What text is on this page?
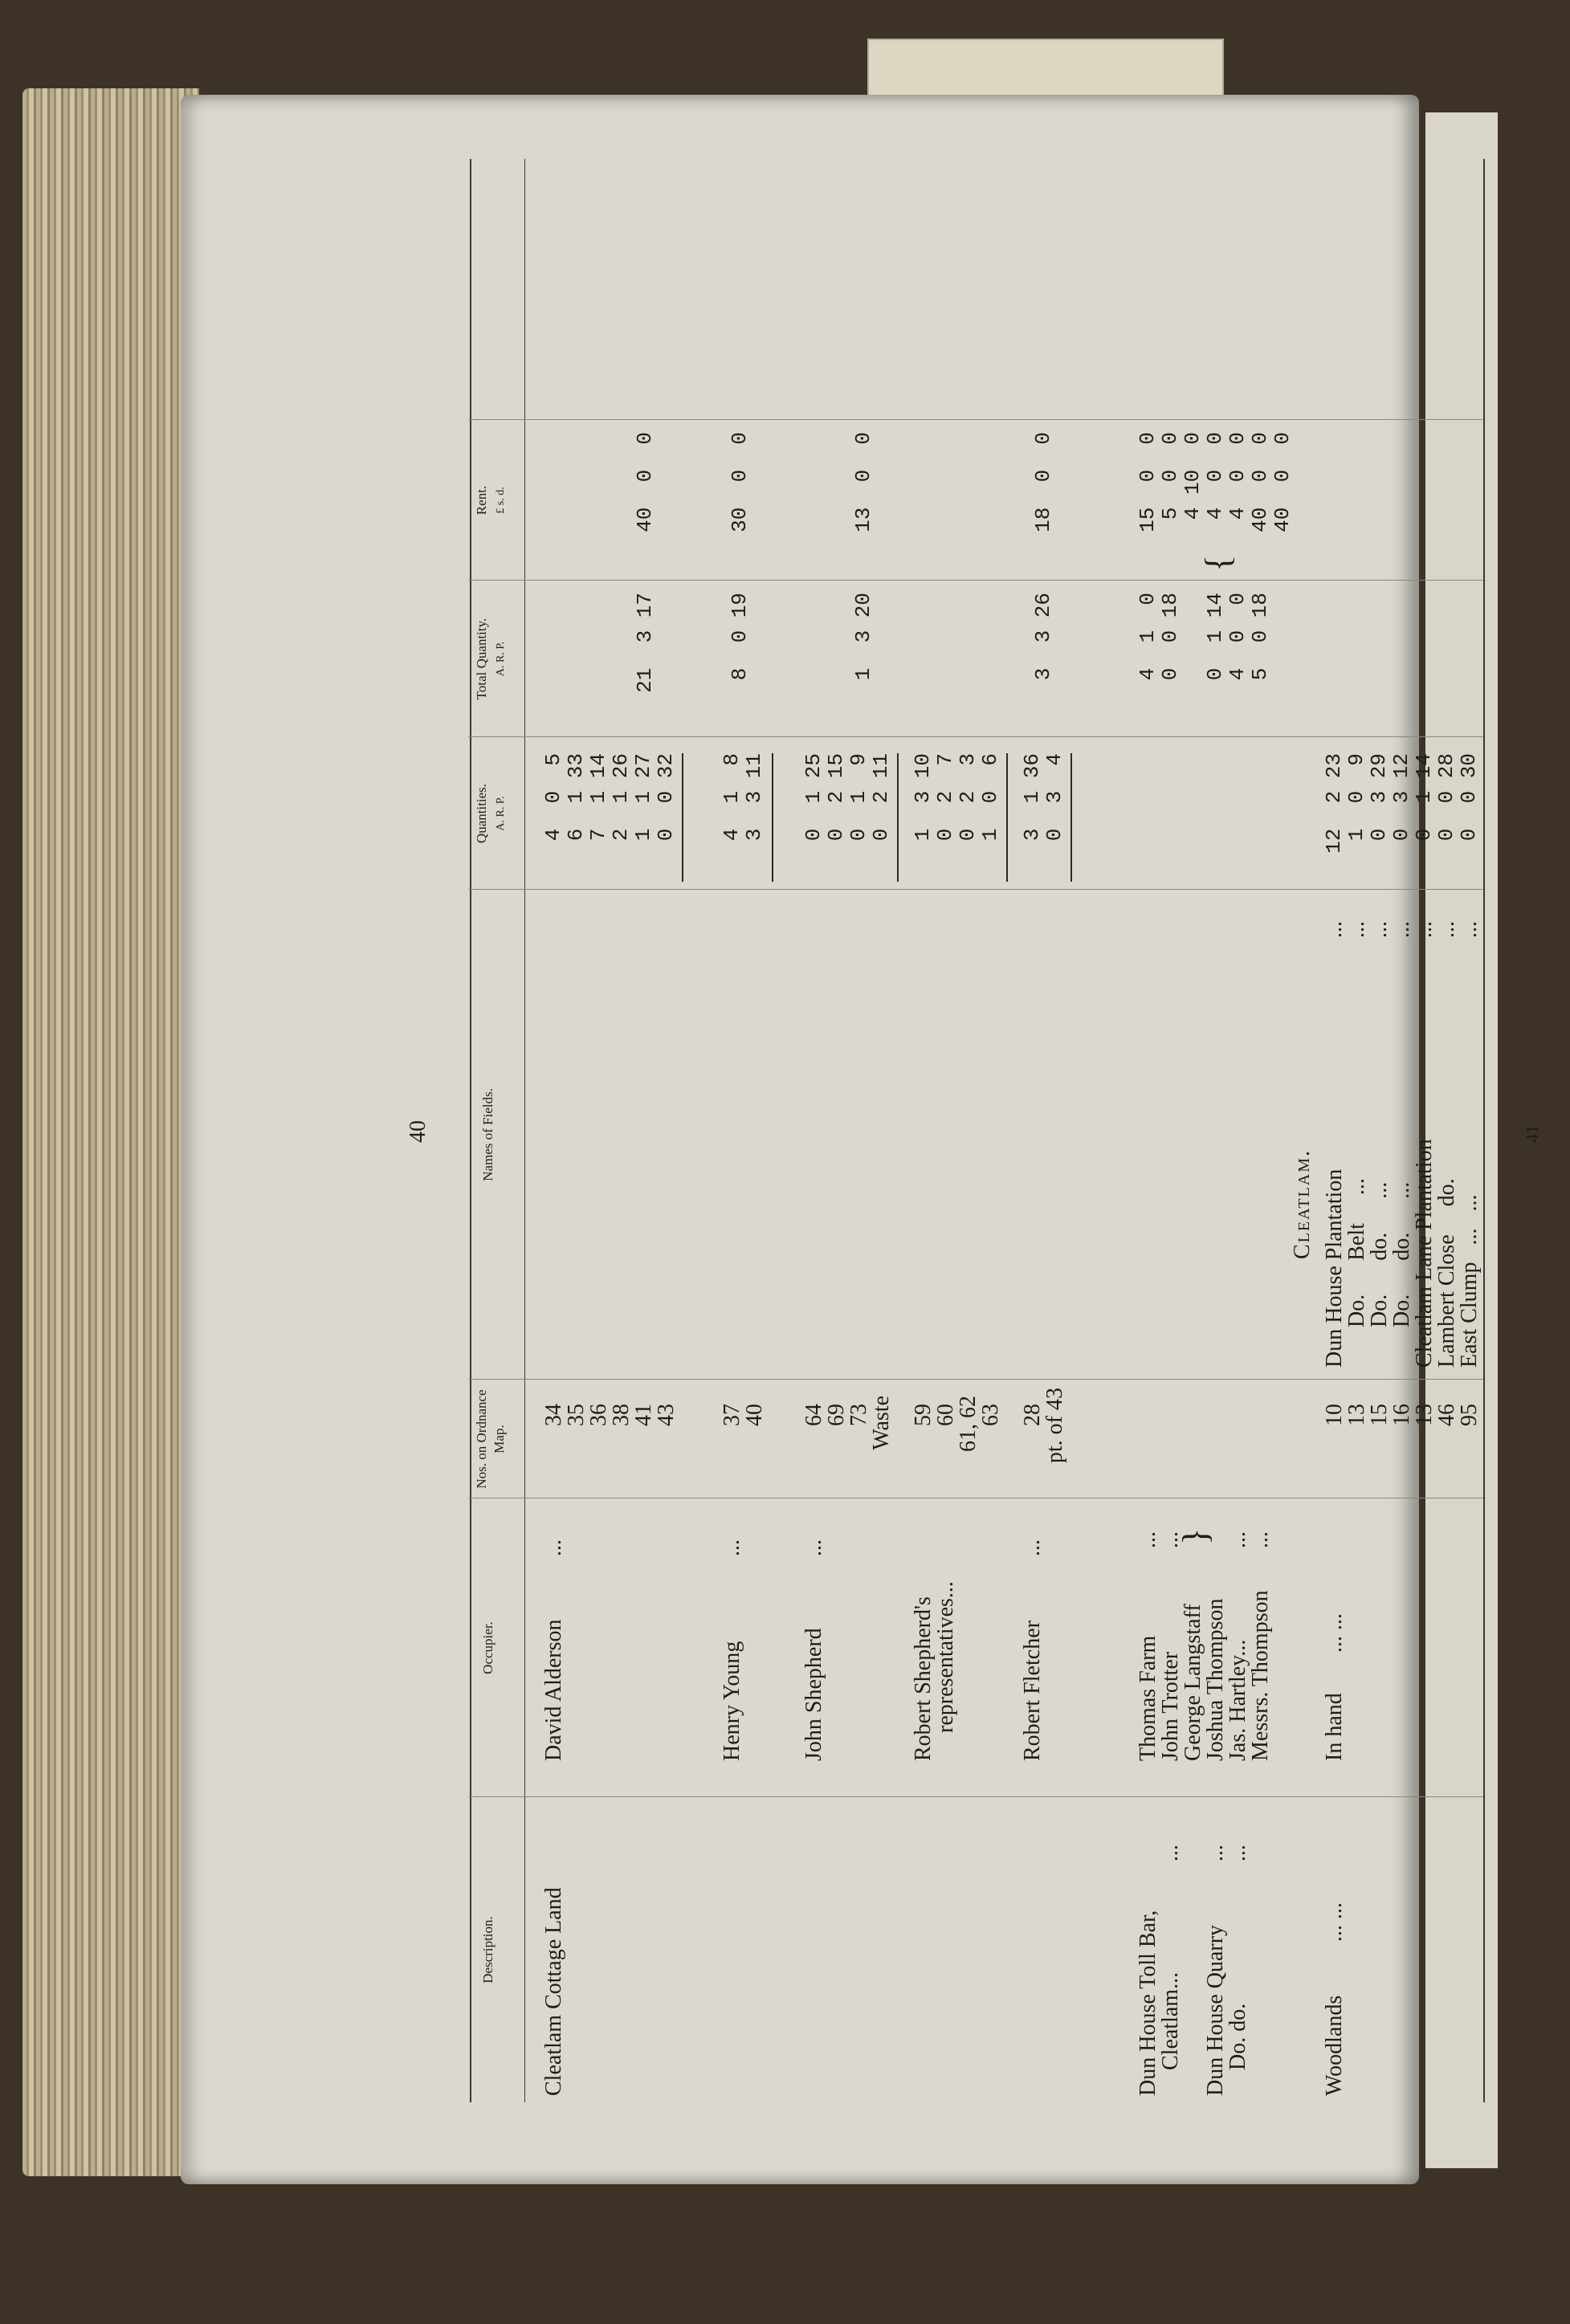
40	41
Description.
Occupier.
Nos. on Ordnance Map.
Names of Fields.
Quantities. A. R. P.
Total Quantity. A. R. P.
Rent. £ s. d.
Cleatlam Cottage Land
David Alderson
...
34
4  0  5
35
6  1 33
36
7  1 14
38
2  1 26
41
1  1 27
43
0  0 32
21  3 17
40  0  0
Henry Young
...
37
4  1  8
40
3  3 11
8  0 19
30  0  0
John Shepherd
...
64
0  1 25
69
0  2 15
73
0  1  9
Waste
0  2 11
1  3 20
13  0  0
Robert Shepherd's
59
1  3 10
representatives...
60
0  2  7
61, 62
0  2  3
63
1  0  6
Robert Fletcher
...
28
3  1 36
pt. of 43
0  3  4
3  3 26
18  0  0
Dun House Toll Bar,
Thomas Farm
...
4  1  0
15  0  0
Cleatlam...
...
John Trotter
...
0  0 18
5  0  0
George Langstaff
}
4 10  0
Dun House Quarry
...
Joshua Thompson
0  1 14
{
4  0  0
Do. do.
...
Jas. Hartley...
...
4  0  0
4  0  0
Messrs. Thompson
...
5  0 18
40  0  0
40  0  0
Cleatlam.
Woodlands
... ...
In hand
... ...
10
Dun House Plantation
...
12  2 23
13
Do.      Belt     ...
...
1  0  9
15
Do.      do.      ...
...
0  3 29
16
Do.      do.      ...
...
0  3 12
13
Cleatlam Lane Plantation
...
0  1 14
46
Lambert Close     do.
...
0  0 28
95
East Clump   ...   ...
...
0  0 30
